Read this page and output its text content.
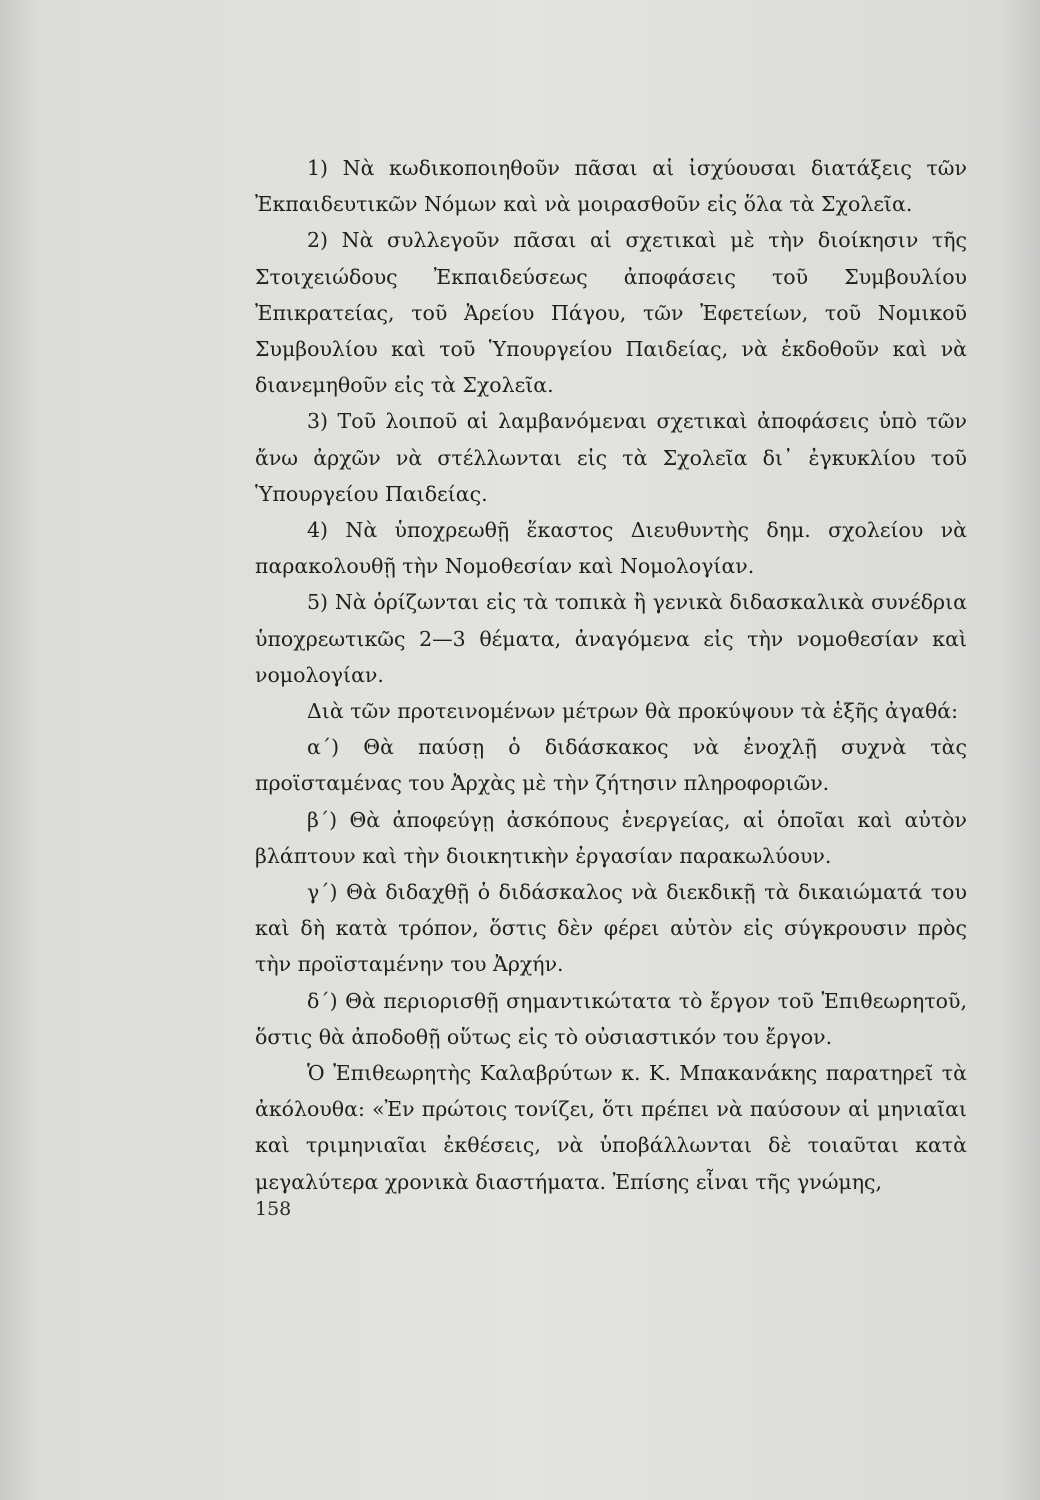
1) Νὰ κωδικοποιηθοῦν πᾶσαι αἱ ἰσχύουσαι διατάξεις τῶν Ἐκπαιδευτικῶν Νόμων καὶ νὰ μοιρασθοῦν εἰς ὅλα τὰ Σχολεῖα.

2) Νὰ συλλεγοῦν πᾶσαι αἱ σχετικαὶ μὲ τὴν διοίκησιν τῆς Στοιχειώδους Ἐκπαιδεύσεως ἀποφάσεις τοῦ Συμβουλίου Ἐπικρατείας, τοῦ Ἀρείου Πάγου, τῶν Ἐφετείων, τοῦ Νομικοῦ Συμβουλίου καὶ τοῦ Ὑπουργείου Παιδείας, νὰ ἐκδοθοῦν καὶ νὰ διανεμηθοῦν εἰς τὰ Σχολεῖα.

3) Τοῦ λοιποῦ αἱ λαμβανόμεναι σχετικαὶ ἀποφάσεις ὑπὸ τῶν ἄνω ἀρχῶν νὰ στέλλωνται εἰς τὰ Σχολεῖα δι᾿ ἐγκυκλίου τοῦ Ὑπουργείου Παιδείας.

4) Νὰ ὑποχρεωθῇ ἕκαστος Διευθυντὴς δημ. σχολείου νὰ παρακολουθῇ τὴν Νομοθεσίαν καὶ Νομολογίαν.

5) Νὰ ὁρίζωνται εἰς τὰ τοπικὰ ἢ γενικὰ διδασκαλικὰ συνέδρια ὑποχρεωτικῶς 2—3 θέματα, ἀναγόμενα εἰς τὴν νομοθεσίαν καὶ νομολογίαν.

Διὰ τῶν προτεινομένων μέτρων θὰ προκύψουν τὰ ἑξῆς ἀγαθά:

α΄) Θὰ παύσῃ ὁ διδάσκακος νὰ ἐνοχλῇ συχνὰ τὰς προϊσταμένας του Ἀρχὰς μὲ τὴν ζήτησιν πληροφοριῶν.

β΄) Θὰ ἀποφεύγῃ ἀσκόπους ἐνεργείας, αἱ ὁποῖαι καὶ αὐτὸν βλάπτουν καὶ τὴν διοικητικὴν ἐργασίαν παρακωλύουν.

γ΄) Θὰ διδαχθῇ ὁ διδάσκαλος νὰ διεκδικῇ τὰ δικαιώματά του καὶ δὴ κατὰ τρόπον, ὅστις δὲν φέρει αὐτὸν εἰς σύγκρουσιν πρὸς τὴν προϊσταμένην του Ἀρχήν.

δ΄) Θὰ περιορισθῇ σημαντικώτατα τὸ ἔργον τοῦ Ἐπιθεωρητοῦ, ὅστις θὰ ἀποδοθῇ οὕτως εἰς τὸ οὐσιαστικόν του ἔργον.

Ὁ Ἐπιθεωρητὴς Καλαβρύτων κ. Κ. Μπακανάκης παρατηρεῖ τὰ ἀκόλουθα: «Ἐν πρώτοις τονίζει, ὅτι πρέπει νὰ παύσουν αἱ μηνιαῖαι καὶ τριμηνιαῖαι ἐκθέσεις, νὰ ὑποβάλλωνται δὲ τοιαῦται κατὰ μεγαλύτερα χρονικὰ διαστήματα. Ἐπίσης εἶναι τῆς γνώμης,

158
